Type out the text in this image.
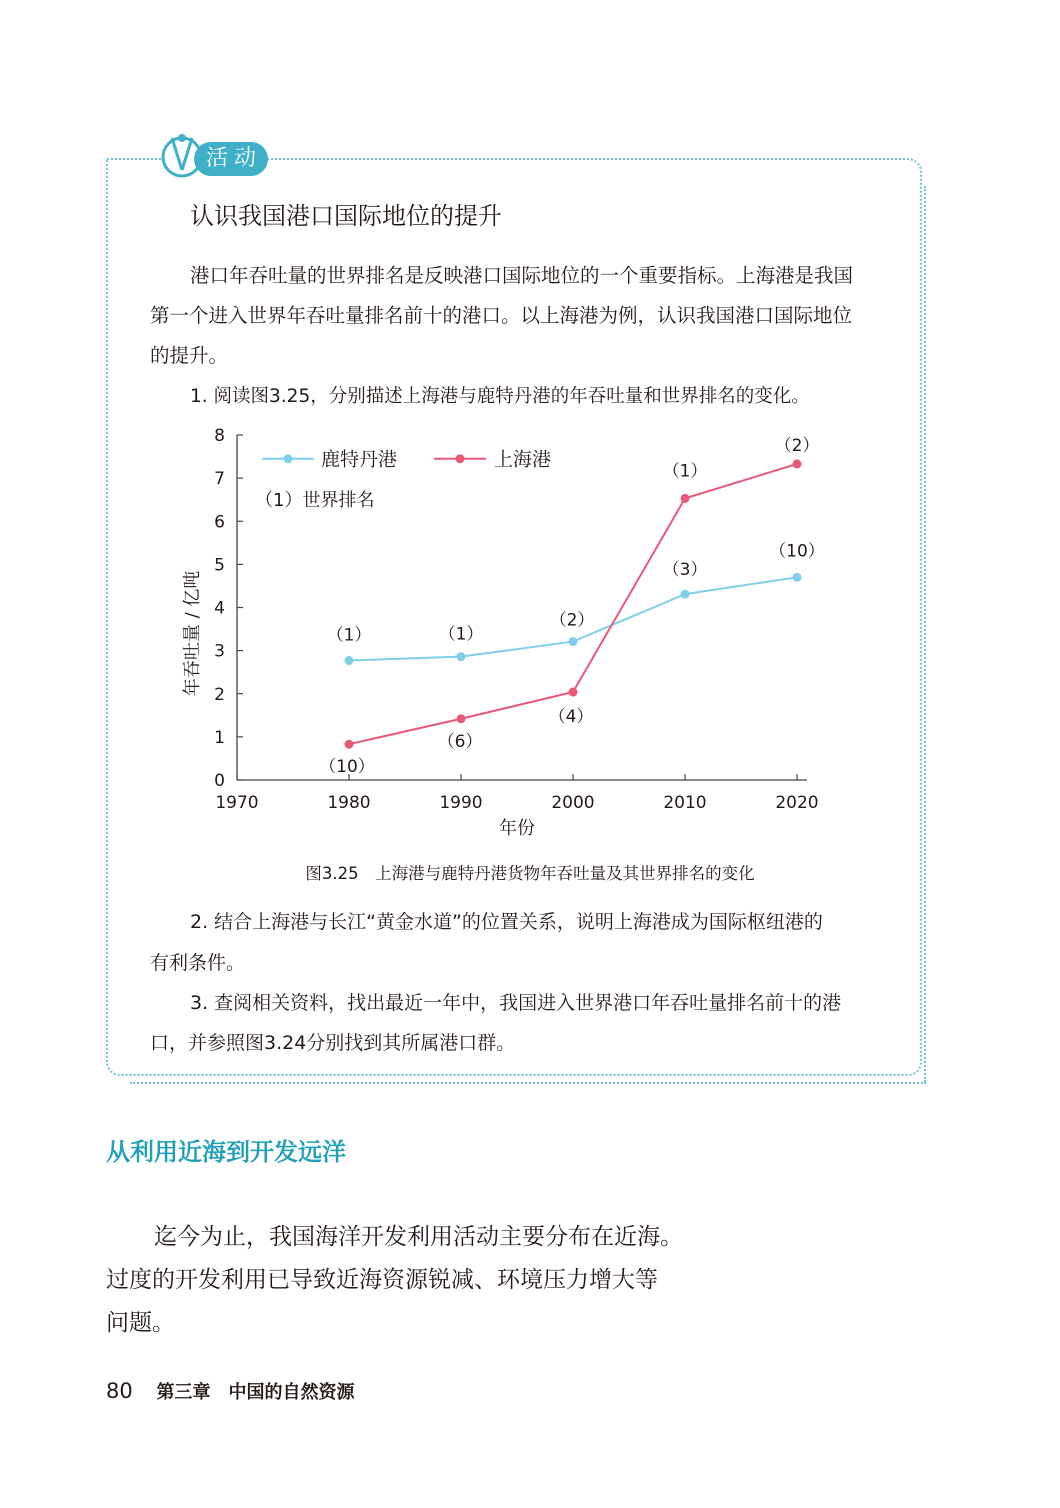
活动
认识我国港口国际地位的提升
港口年吞吐量的世界排名是反映港口国际地位的一个重要指标。上海港是我国
第一个进入世界年吞吐量排名前十的港口。以上海港为例，认识我国港口国际地位
的提升。
1. 阅读图3.25，分别描述上海港与鹿特丹港的年吞吐量和世界排名的变化。
年份
年吞吐量 / 亿吨
1970	1980	1990	2000	2010	2020
0
1
2
3
4
5
6
7
8
（1）	（1）
（2）
（3）
（10）
（10）
（6）
（4）
（1）
（2）
（1）世界排名
鹿特丹港	上海港
图3.25　上海港与鹿特丹港货物年吞吐量及其世界排名的变化
2. 结合上海港与长江“黄金水道”的位置关系，说明上海港成为国际枢纽港的
有利条件。
3. 查阅相关资料，找出最近一年中，我国进入世界港口年吞吐量排名前十的港
口，并参照图3.24分别找到其所属港口群。
从利用近海到开发远洋
迄今为止，我国海洋开发利用活动主要分布在近海。
过度的开发利用已导致近海资源锐减、环境压力增大等
问题。
80 第三章　中国的自然资源
